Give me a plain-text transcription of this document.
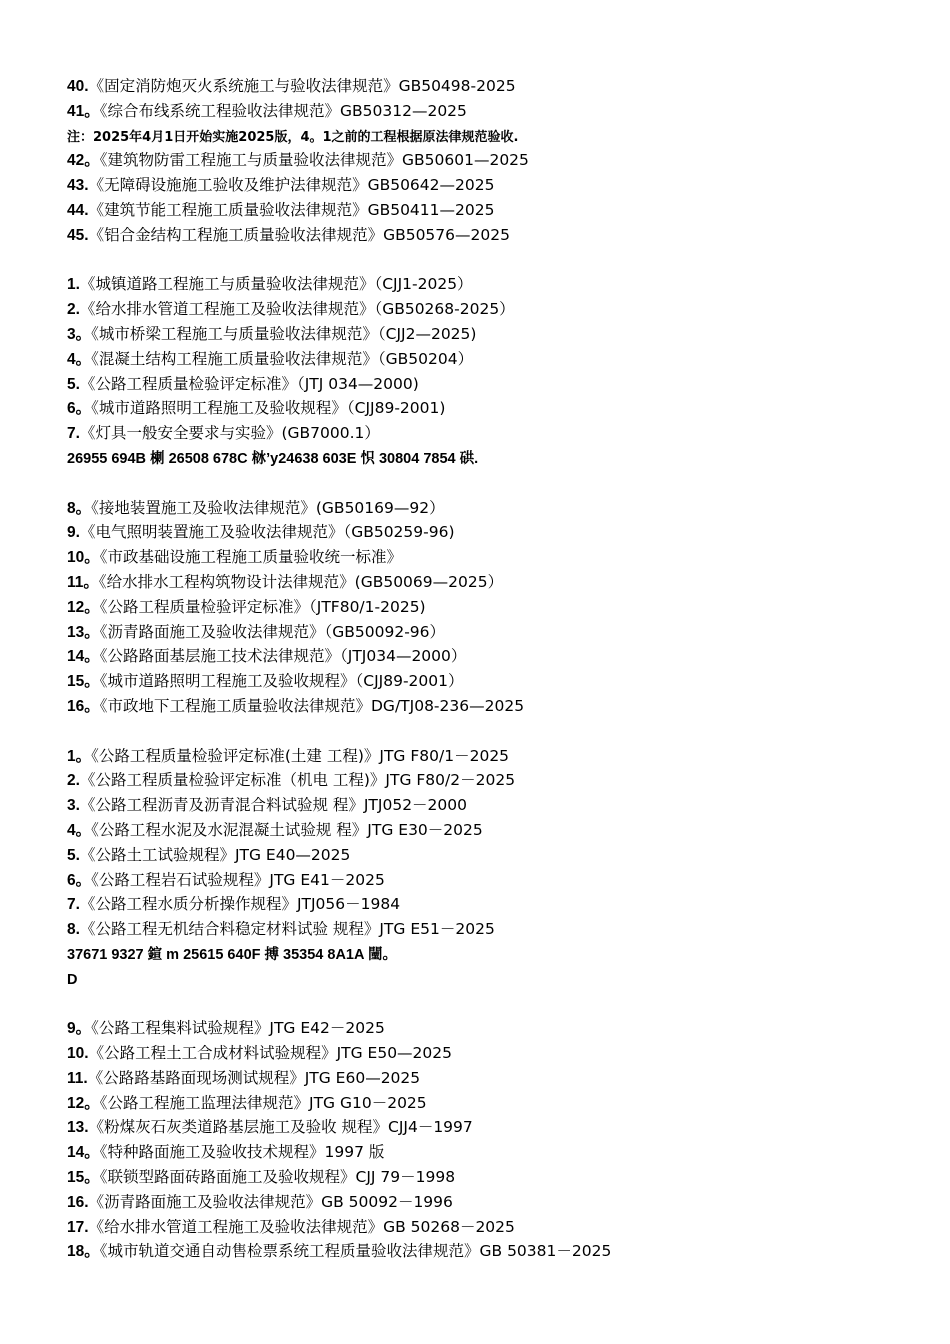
40.《固定消防炮灭火系统施工与验收法律规范》GB50498-2025
41。《综合布线系统工程验收法律规范》GB50312—2025
注：2025年4月1日开始实施2025版，4。1之前的工程根据原法律规范验收.
42。《建筑物防雷工程施工与质量验收法律规范》GB50601—2025
43.《无障碍设施施工验收及维护法律规范》GB50642—2025
44.《建筑节能工程施工质量验收法律规范》GB50411—2025
45.《铝合金结构工程施工质量验收法律规范》GB50576—2025
1.《城镇道路工程施工与质量验收法律规范》（CJJ1-2025）
2.《给水排水管道工程施工及验收法律规范》（GB50268-2025）
3。《城市桥梁工程施工与质量验收法律规范》（CJJ2—2025)
4。《混凝土结构工程施工质量验收法律规范》（GB50204）
5.《公路工程质量检验评定标准》（JTJ 034—2000)
6。《城市道路照明工程施工及验收规程》（CJJ89-2001)
7.《灯具一般安全要求与实验》(GB7000.1）
26955 694B 楋 26508 678C 栤’y24638 603E 怾 30804 7854 硔.
8。《接地装置施工及验收法律规范》(GB50169—92）
9.《电气照明装置施工及验收法律规范》（GB50259-96)
10。《市政基础设施工程施工质量验收统一标准》
11。《给水排水工程构筑物设计法律规范》(GB50069—2025）
12。《公路工程质量检验评定标准》（JTF80/1-2025)
13。《沥青路面施工及验收法律规范》（GB50092-96）
14。《公路路面基层施工技术法律规范》（JTJ034—2000）
15。《城市道路照明工程施工及验收规程》（CJJ89-2001）
16。《市政地下工程施工质量验收法律规范》DG/TJ08-236—2025
1。《公路工程质量检验评定标准(土建 工程)》JTG F80/1－2025
2.《公路工程质量检验评定标准（机电 工程)》JTG F80/2－2025
3.《公路工程沥青及沥青混合料试验规 程》JTJ052－2000
4。《公路工程水泥及水泥混凝土试验规 程》JTG E30－2025
5.《公路土工试验规程》JTG E40—2025
6。《公路工程岩石试验规程》JTG E41－2025
7.《公路工程水质分析操作规程》JTJ056－1984
8.《公路工程无机结合料稳定材料试验 规程》JTG E51－2025
37671 9327 鍹 m 25615 640F 搏 35354 8A1A 闉。
D
9。《公路工程集料试验规程》JTG E42－2025
10.《公路工程土工合成材料试验规程》JTG E50—2025
11.《公路路基路面现场测试规程》JTG E60—2025
12。《公路工程施工监理法律规范》JTG G10－2025
13.《粉煤灰石灰类道路基层施工及验收 规程》CJJ4－1997
14。《特种路面施工及验收技术规程》1997 版
15。《联锁型路面砖路面施工及验收规程》CJJ 79－1998
16.《沥青路面施工及验收法律规范》GB 50092－1996
17.《给水排水管道工程施工及验收法律规范》GB 50268－2025
18。《城市轨道交通自动售检票系统工程质量验收法律规范》GB 50381－2025
